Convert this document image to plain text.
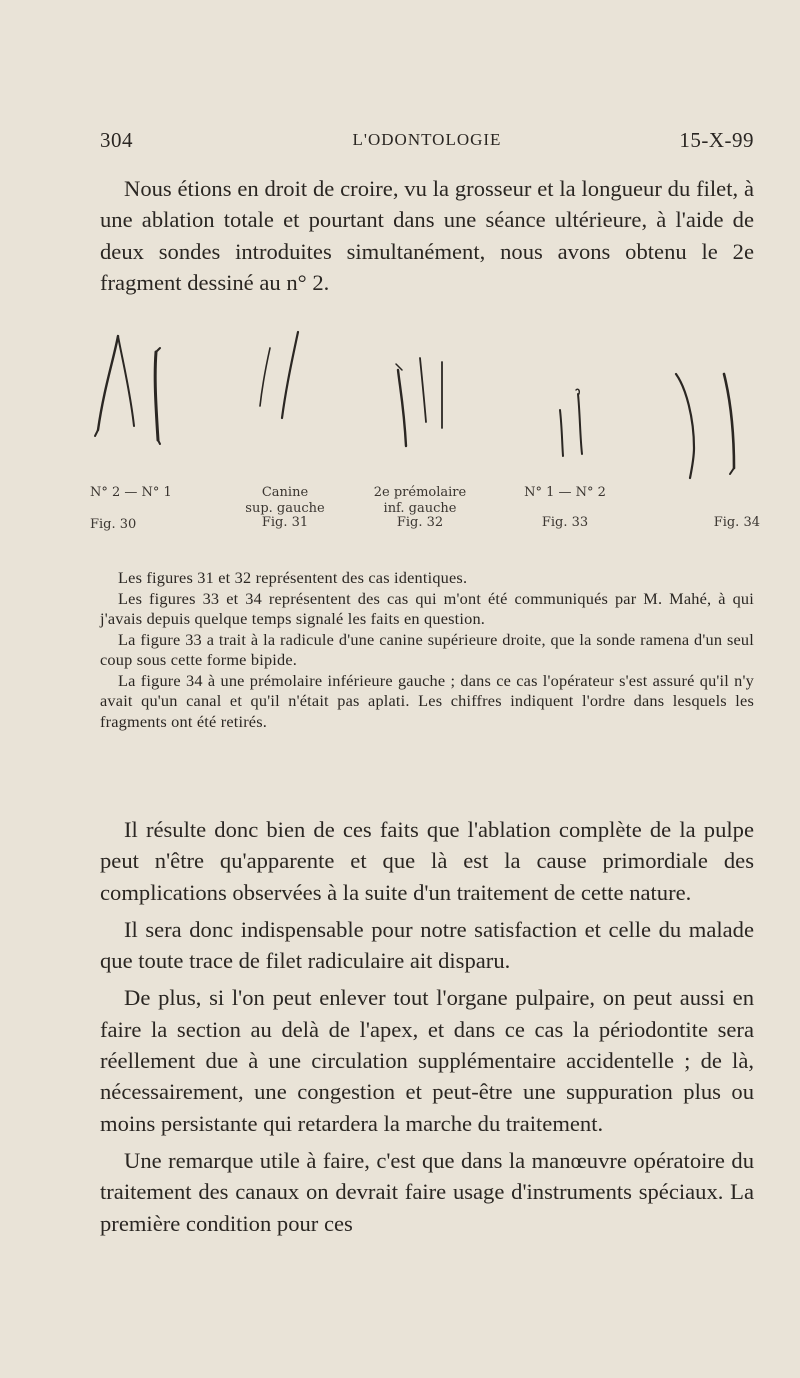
304	L'ODONTOLOGIE	15-X-99

Nous étions en droit de croire, vu la grosseur et la longueur du filet, à une ablation totale et pourtant dans une séance ultérieure, à l'aide de deux sondes introduites simultanément, nous avons obtenu le 2e fragment dessiné au n° 2.

N° 2 — N° 1
Fig. 30
Canine
sup. gauche
Fig. 31
2e prémolaire
inf. gauche
Fig. 32
N° 1 — N° 2
Fig. 33	Fig. 34

Les figures 31 et 32 représentent des cas identiques.

Les figures 33 et 34 représentent des cas qui m'ont été communiqués par M. Mahé, à qui j'avais depuis quelque temps signalé les faits en question.

La figure 33 a trait à la radicule d'une canine supérieure droite, que la sonde ramena d'un seul coup sous cette forme bipide.

La figure 34 à une prémolaire inférieure gauche ; dans ce cas l'opérateur s'est assuré qu'il n'y avait qu'un canal et qu'il n'était pas aplati. Les chiffres indiquent l'ordre dans lesquels les fragments ont été retirés.

Il résulte donc bien de ces faits que l'ablation complète de la pulpe peut n'être qu'apparente et que là est la cause primordiale des complications observées à la suite d'un traitement de cette nature.

Il sera donc indispensable pour notre satisfaction et celle du malade que toute trace de filet radiculaire ait disparu.

De plus, si l'on peut enlever tout l'organe pulpaire, on peut aussi en faire la section au delà de l'apex, et dans ce cas la périodontite sera réellement due à une circulation supplémentaire accidentelle ; de là, nécessairement, une congestion et peut-être une suppuration plus ou moins persistante qui retardera la marche du traitement.

Une remarque utile à faire, c'est que dans la manœuvre opératoire du traitement des canaux on devrait faire usage d'instruments spéciaux. La première condition pour ces
